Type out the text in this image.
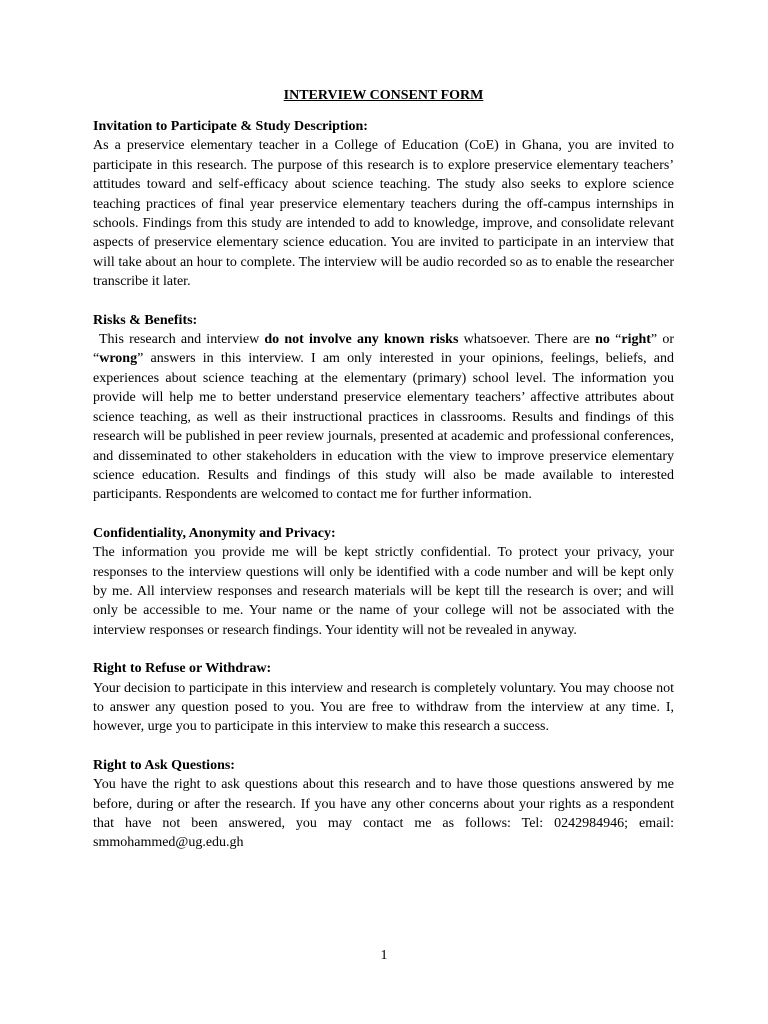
INTERVIEW CONSENT FORM
Invitation to Participate & Study Description:

As a preservice elementary teacher in a College of Education (CoE) in Ghana, you are invited to participate in this research. The purpose of this research is to explore preservice elementary teachers’ attitudes toward and self-efficacy about science teaching. The study also seeks to explore science teaching practices of final year preservice elementary teachers during the off-campus internships in schools. Findings from this study are intended to add to knowledge, improve, and consolidate relevant aspects of preservice elementary science education. You are invited to participate in an interview that will take about an hour to complete. The interview will be audio recorded so as to enable the researcher transcribe it later.

Risks & Benefits:

This research and interview do not involve any known risks whatsoever. There are no “right” or “wrong” answers in this interview. I am only interested in your opinions, feelings, beliefs, and experiences about science teaching at the elementary (primary) school level. The information you provide will help me to better understand preservice elementary teachers’ affective attributes about science teaching, as well as their instructional practices in classrooms. Results and findings of this research will be published in peer review journals, presented at academic and professional conferences, and disseminated to other stakeholders in education with the view to improve preservice elementary science education. Results and findings of this study will also be made available to interested participants. Respondents are welcomed to contact me for further information.

Confidentiality, Anonymity and Privacy:

The information you provide me will be kept strictly confidential. To protect your privacy, your responses to the interview questions will only be identified with a code number and will be kept only by me. All interview responses and research materials will be kept till the research is over; and will only be accessible to me. Your name or the name of your college will not be associated with the interview responses or research findings. Your identity will not be revealed in anyway.

Right to Refuse or Withdraw:

Your decision to participate in this interview and research is completely voluntary. You may choose not to answer any question posed to you. You are free to withdraw from the interview at any time. I, however, urge you to participate in this interview to make this research a success.

Right to Ask Questions:

You have the right to ask questions about this research and to have those questions answered by me before, during or after the research. If you have any other concerns about your rights as a respondent that have not been answered, you may contact me as follows: Tel: 0242984946; email: smmohammed@ug.edu.gh

1
